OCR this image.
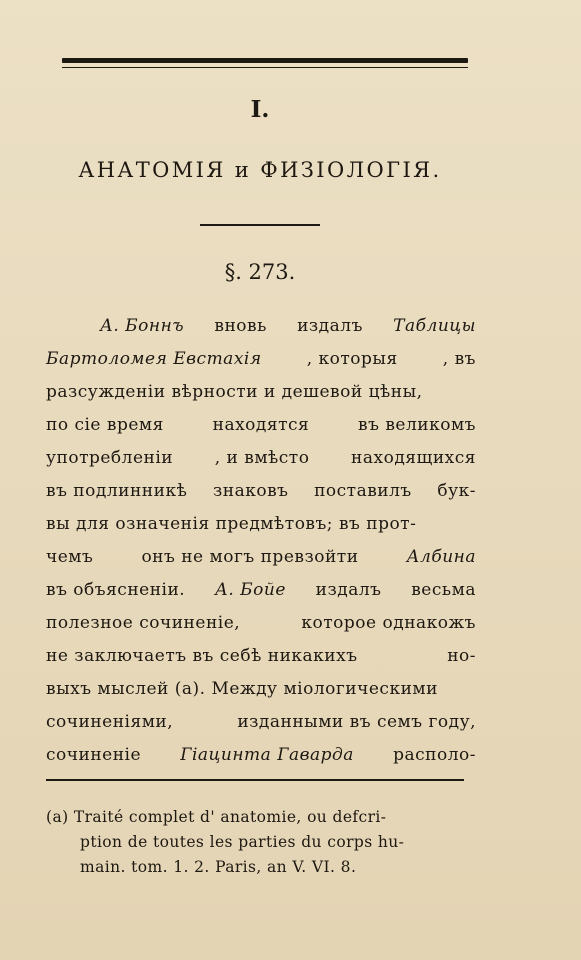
I.
АНАТОМІЯ и ФИЗІОЛОГІЯ.
§. 273.
А. Боннъ вновь издалъ Таблицы
Бартоломея Евстахія	, которыя	, въ
разсужденіи вѣрности и дешевой цѣны,
по сіе время	находятся	въ великомъ
употребленіи , и вмѣсто находящихся
въ подлинникѣ знаковъ поставилъ бук-
вы для означенія предмѣтовъ; въ прот-
чемъ	онъ не могъ превзойти	Албина
въ объясненіи. А. Бойе издалъ весьма
полезное сочиненіе,	которое однакожъ
не заключаетъ въ себѣ никакихъ	но-
выхъ мыслей (а). Между міологическими
сочиненіями,	изданными въ семъ году,
сочиненіе Гіацинта Гаварда располо-
(a) Traité complet d' anatomie, ou defcri-
ption de toutes les parties du corps hu-
main. tom. 1. 2. Paris, an V. VI. 8.
